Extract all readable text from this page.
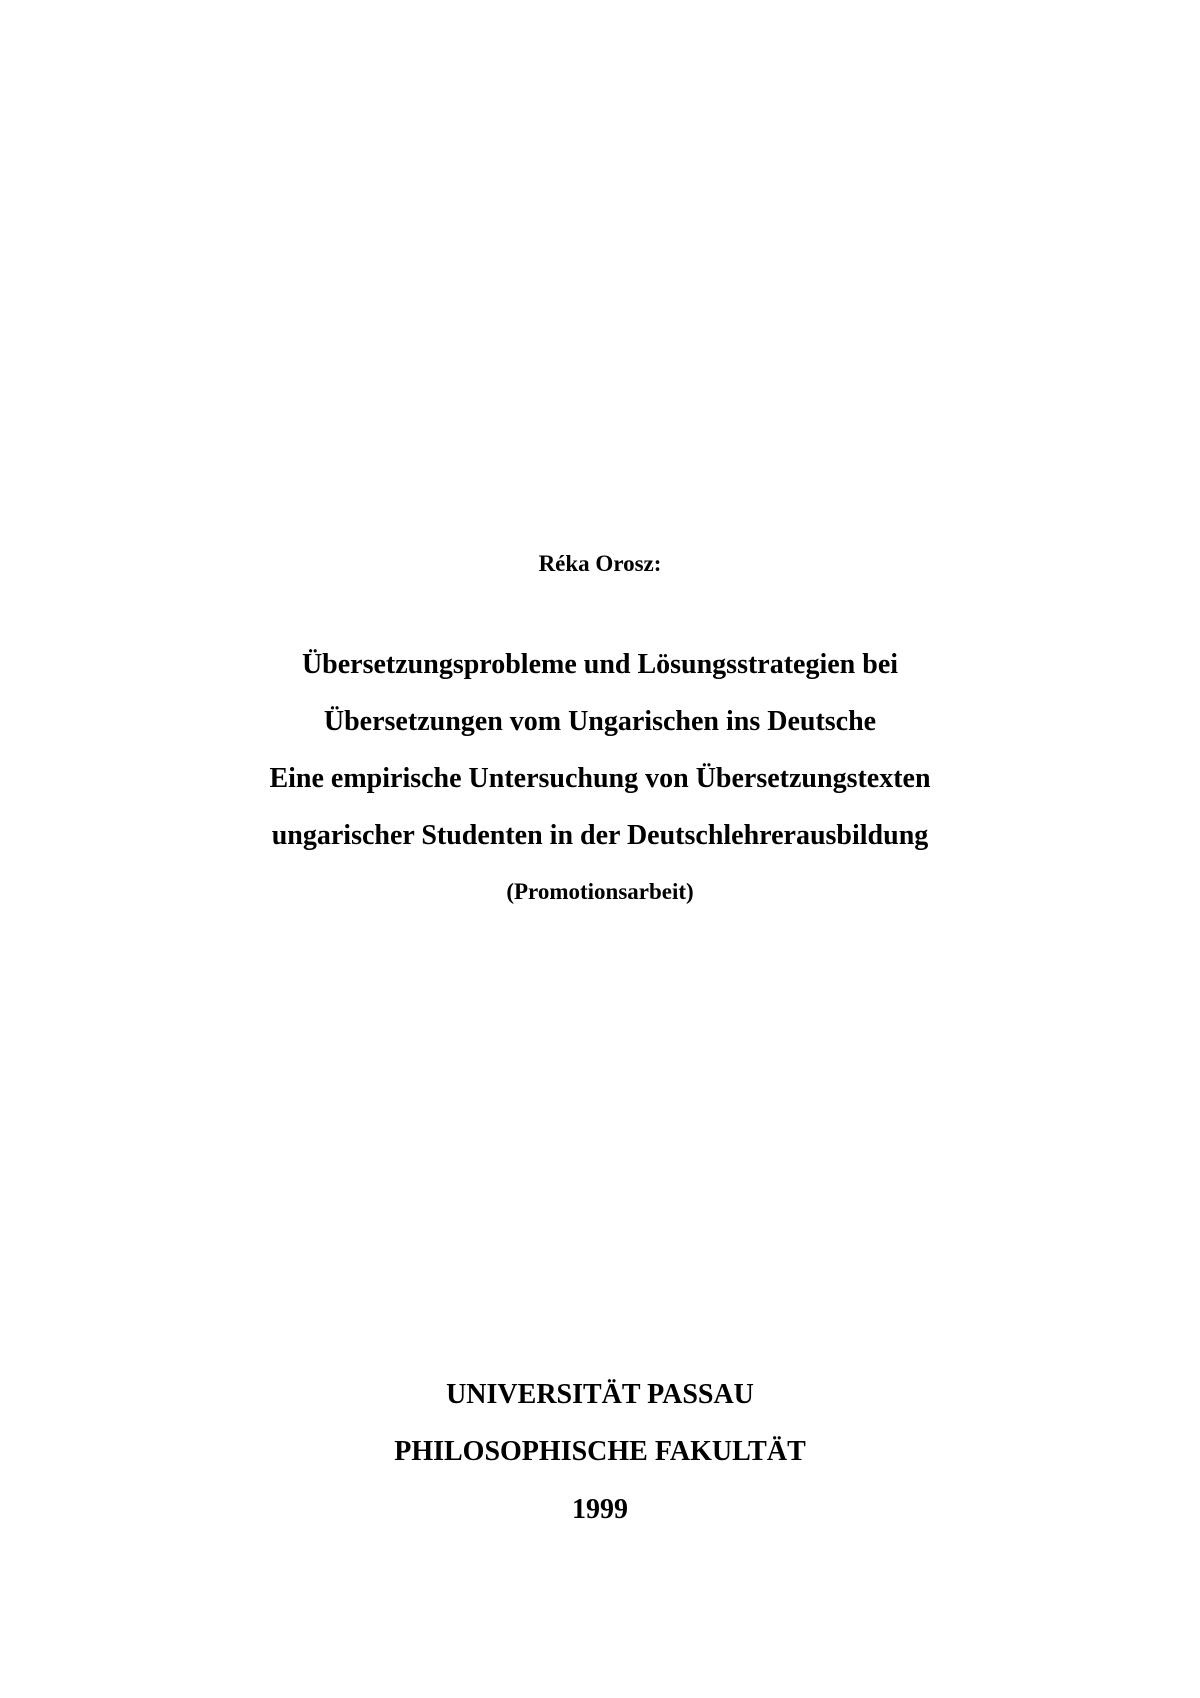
Réka Orosz:
Übersetzungsprobleme und Lösungsstrategien bei
Übersetzungen vom Ungarischen ins Deutsche
Eine empirische Untersuchung von Übersetzungstexten
ungarischer Studenten in der Deutschlehrerausbildung
(Promotionsarbeit)
UNIVERSITÄT PASSAU
PHILOSOPHISCHE FAKULTÄT
1999
